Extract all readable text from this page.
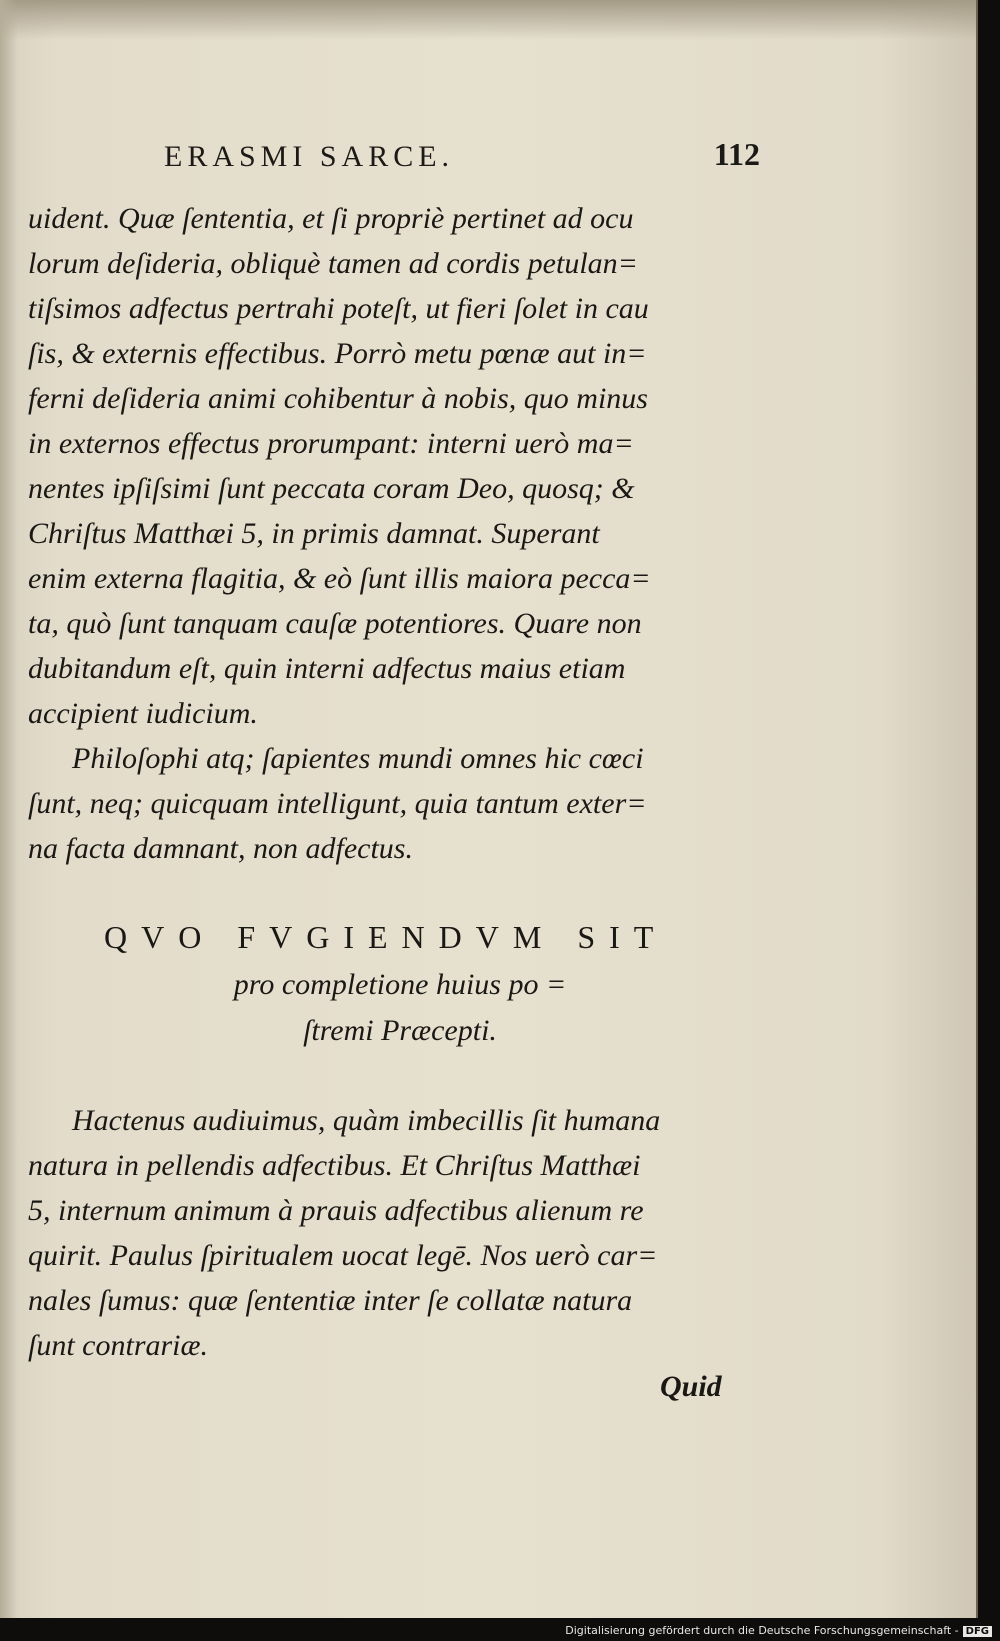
ERASMI SARCE.	112
uident. Quæ ſententia, et ſi propriè pertinet ad ocu
lorum deſideria, obliquè tamen ad cordis petulan=
tiſsimos adfectus pertrahi poteſt, ut fieri ſolet in cau
ſis, & externis effectibus. Porrò metu pœnæ aut in=
ferni deſideria animi cohibentur à nobis, quo minus
in externos effectus prorumpant: interni uerò ma=
nentes ipſiſsimi ſunt peccata coram Deo, quosq; &
Chriſtus Matthæi 5, in primis damnat. Superant
enim externa flagitia, & eò ſunt illis maiora pecca=
ta, quò ſunt tanquam cauſæ potentiores. Quare non
dubitandum eſt, quin interni adfectus maius etiam
accipient iudicium.
Philoſophi atq; ſapientes mundi omnes hic cœci
ſunt, neq; quicquam intelligunt, quia tantum exter=
na facta damnant, non adfectus.
QVO FVGIENDVM SIT
pro completione huius po =
ſtremi Præcepti.
Hactenus audiuimus, quàm imbecillis ſit humana
natura in pellendis adfectibus. Et Chriſtus Matthæi
5, internum animum à prauis adfectibus alienum re
quirit. Paulus ſpiritualem uocat legē. Nos uerò car=
nales ſumus: quæ ſententiæ inter ſe collatæ natura
ſunt contrariæ.
Quid
Digitalisierung gefördert durch die Deutsche Forschungsgemeinschaft - DFG
